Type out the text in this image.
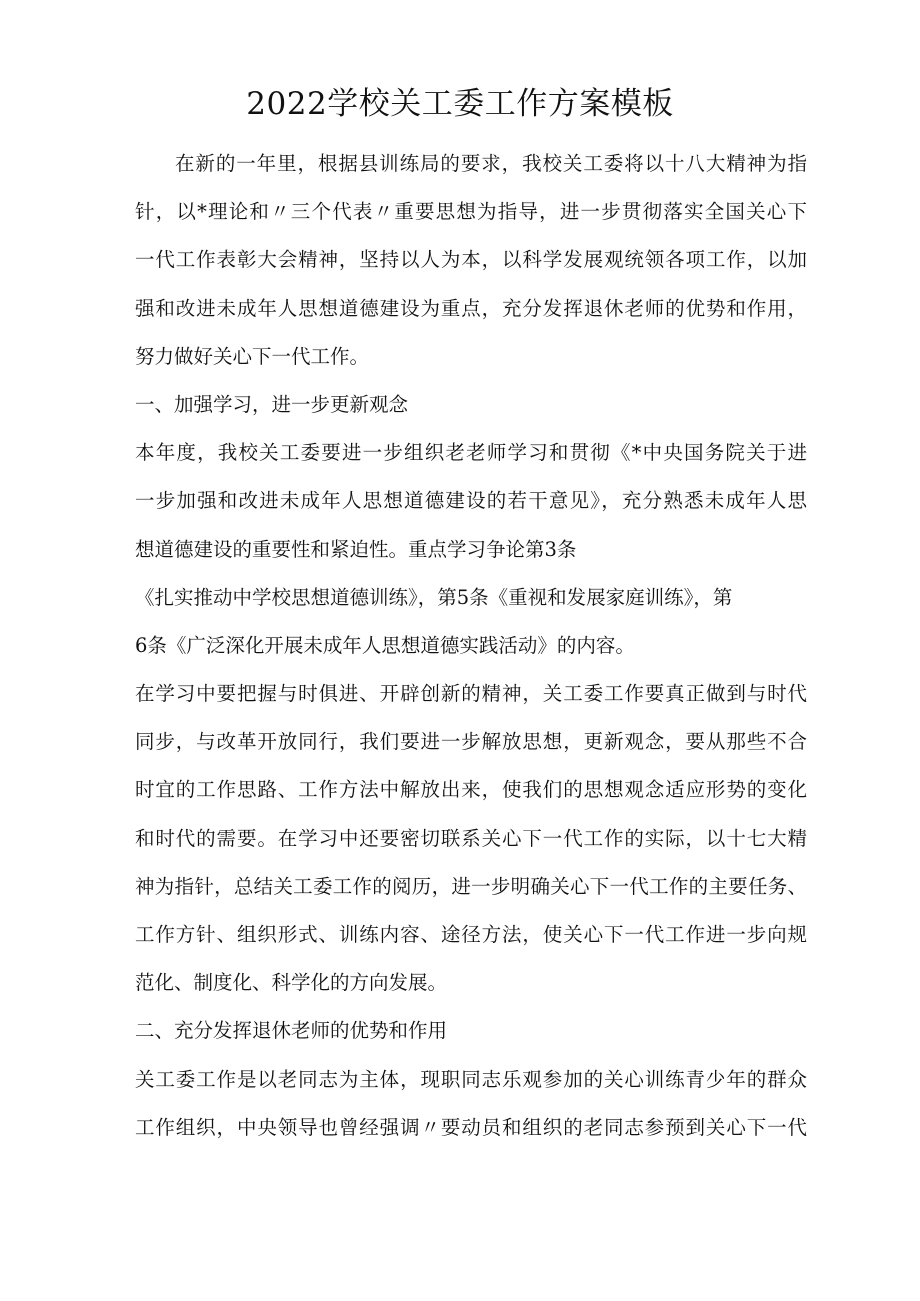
2022学校关工委工作方案模板
在新的一年里，根据县训练局的要求，我校关工委将以十八大精神为指
针，以*理论和〃三个代表〃重要思想为指导，进一步贯彻落实全国关心下
一代工作表彰大会精神，坚持以人为本，以科学发展观统领各项工作，以加
强和改进未成年人思想道德建设为重点，充分发挥退休老师的优势和作用，
努力做好关心下一代工作。
一、加强学习，进一步更新观念
本年度，我校关工委要进一步组织老老师学习和贯彻《*中央国务院关于进
一步加强和改进未成年人思想道德建设的若干意见》，充分熟悉未成年人思
想道德建设的重要性和紧迫性。重点学习争论第3条
《扎实推动中学校思想道德训练》，第5条《重视和发展家庭训练》，第
6条《广泛深化开展未成年人思想道德实践活动》的内容。
在学习中要把握与时俱进、开辟创新的精神，关工委工作要真正做到与时代
同步，与改革开放同行，我们要进一步解放思想，更新观念，要从那些不合
时宜的工作思路、工作方法中解放出来，使我们的思想观念适应形势的变化
和时代的需要。在学习中还要密切联系关心下一代工作的实际，以十七大精
神为指针，总结关工委工作的阅历，进一步明确关心下一代工作的主要任务、
工作方针、组织形式、训练内容、途径方法，使关心下一代工作进一步向规
范化、制度化、科学化的方向发展。
二、充分发挥退休老师的优势和作用
关工委工作是以老同志为主体，现职同志乐观参加的关心训练青少年的群众
工作组织，中央领导也曾经强调〃要动员和组织的老同志参预到关心下一代
